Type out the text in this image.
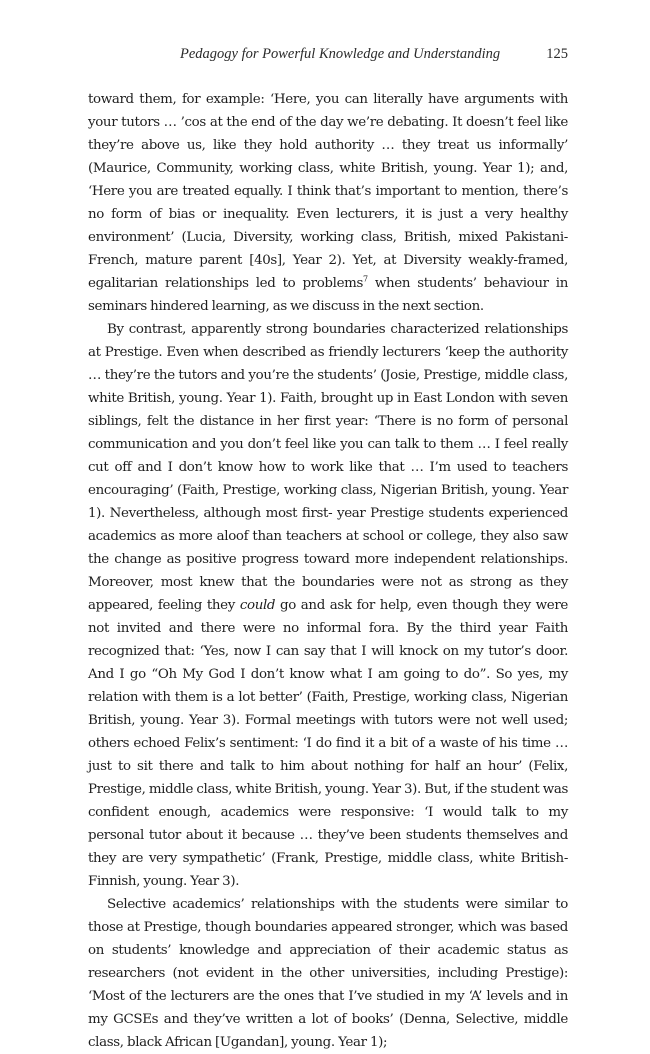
Pedagogy for Powerful Knowledge and Understanding	125

toward them, for example: ‘Here, you can literally have arguments with your tutors … ’cos at the end of the day we’re debating. It doesn’t feel like they’re above us, like they hold authority … they treat us informally’ (Maurice, Community, working class, white British, young. Year 1); and, ‘Here you are treated equally. I think that’s important to mention, there’s no form of bias or inequality. Even lecturers, it is just a very healthy environment’ (Lucia, Diversity, working class, British, mixed Pakistani-French, mature parent [40s], Year 2). Yet, at Diversity weakly-framed, egalitarian relationships led to problems$^7$ when students’ behaviour in seminars hindered learning, as we discuss in the next section.

By contrast, apparently strong boundaries characterized relationships at Prestige. Even when described as friendly lecturers ‘keep the authority … they’re the tutors and you’re the students’ (Josie, Prestige, middle class, white British, young. Year 1). Faith, brought up in East London with seven siblings, felt the distance in her first year: ‘There is no form of personal communication and you don’t feel like you can talk to them … I feel really cut off and I don’t know how to work like that … I’m used to teachers encouraging’ (Faith, Prestige, working class, Nigerian British, young. Year 1). Nevertheless, although most first- year Prestige students experienced academics as more aloof than teachers at school or college, they also saw the change as positive progress toward more independent relationships. Moreover, most knew that the boundaries were not as strong as they appeared, feeling they could go and ask for help, even though they were not invited and there were no informal fora. By the third year Faith recognized that: ‘Yes, now I can say that I will knock on my tutor’s door. And I go “Oh My God I don’t know what I am going to do”. So yes, my relation with them is a lot better’ (Faith, Prestige, working class, Nigerian British, young. Year 3). Formal meetings with tutors were not well used; others echoed Felix’s sentiment: ‘I do find it a bit of a waste of his time … just to sit there and talk to him about nothing for half an hour’ (Felix, Prestige, middle class, white British, young. Year 3). But, if the student was confident enough, academics were responsive: ‘I would talk to my personal tutor about it because … they’ve been students themselves and they are very sympathetic’ (Frank, Prestige, middle class, white British-Finnish, young. Year 3).

Selective academics’ relationships with the students were similar to those at Prestige, though boundaries appeared stronger, which was based on students’ knowledge and appreciation of their academic status as researchers (not evident in the other universities, including Prestige): ‘Most of the lecturers are the ones that I’ve studied in my ‘A’ levels and in my GCSEs and they’ve written a lot of books’ (Denna, Selective, middle class, black African [Ugandan], young. Year 1);
